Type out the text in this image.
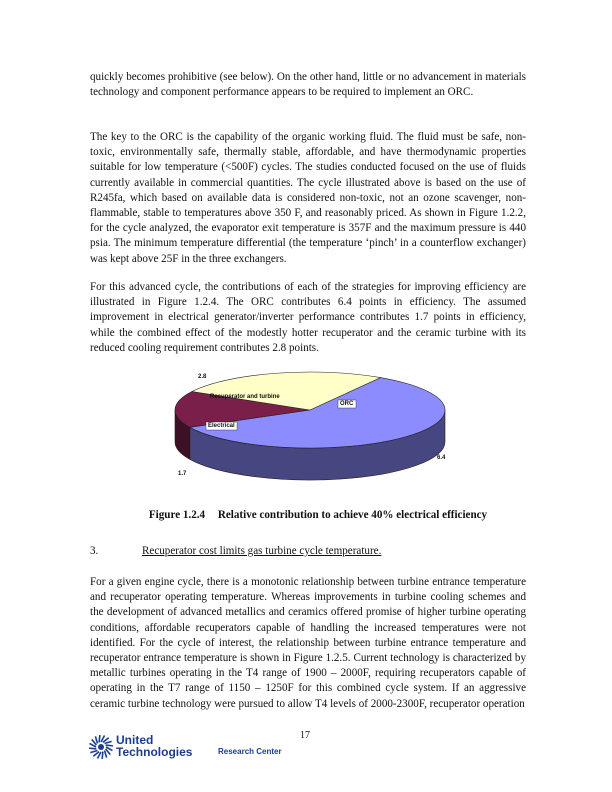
quickly becomes prohibitive (see below). On the other hand, little or no advancement in materials technology and component performance appears to be required to implement an ORC.

The key to the ORC is the capability of the organic working fluid. The fluid must be safe, non-toxic, environmentally safe, thermally stable, affordable, and have thermodynamic properties suitable for low temperature (<500F) cycles. The studies conducted focused on the use of fluids currently available in commercial quantities. The cycle illustrated above is based on the use of R245fa, which based on available data is considered non-toxic, not an ozone scavenger, non-flammable, stable to temperatures above 350 F, and reasonably priced. As shown in Figure 1.2.2, for the cycle analyzed, the evaporator exit temperature is 357F and the maximum pressure is 440 psia. The minimum temperature differential (the temperature ‘pinch’ in a counterflow exchanger) was kept above 25F in the three exchangers.

For this advanced cycle, the contributions of each of the strategies for improving efficiency are illustrated in Figure 1.2.4. The ORC contributes 6.4 points in efficiency. The assumed improvement in electrical generator/inverter performance contributes 1.7 points in efficiency, while the combined effect of the modestly hotter recuperator and the ceramic turbine with its reduced cooling requirement contributes 2.8 points.

ORC
Electrical
Recuperator and turbine
6.4
1.7
2.8
Figure 1.2.4 Relative contribution to achieve 40% electrical efficiency
3.	Recuperator cost limits gas turbine cycle temperature.

For a given engine cycle, there is a monotonic relationship between turbine entrance temperature and recuperator operating temperature. Whereas improvements in turbine cooling schemes and the development of advanced metallics and ceramics offered promise of higher turbine operating conditions, affordable recuperators capable of handling the increased temperatures were not identified. For the cycle of interest, the relationship between turbine entrance temperature and recuperator entrance temperature is shown in Figure 1.2.5. Current technology is characterized by metallic turbines operating in the T4 range of 1900 – 2000F, requiring recuperators capable of operating in the T7 range of 1150 – 1250F for this combined cycle system. If an aggressive ceramic turbine technology were pursued to allow T4 levels of 2000-2300F, recuperator operation

17
United
Technologies	Research Center
